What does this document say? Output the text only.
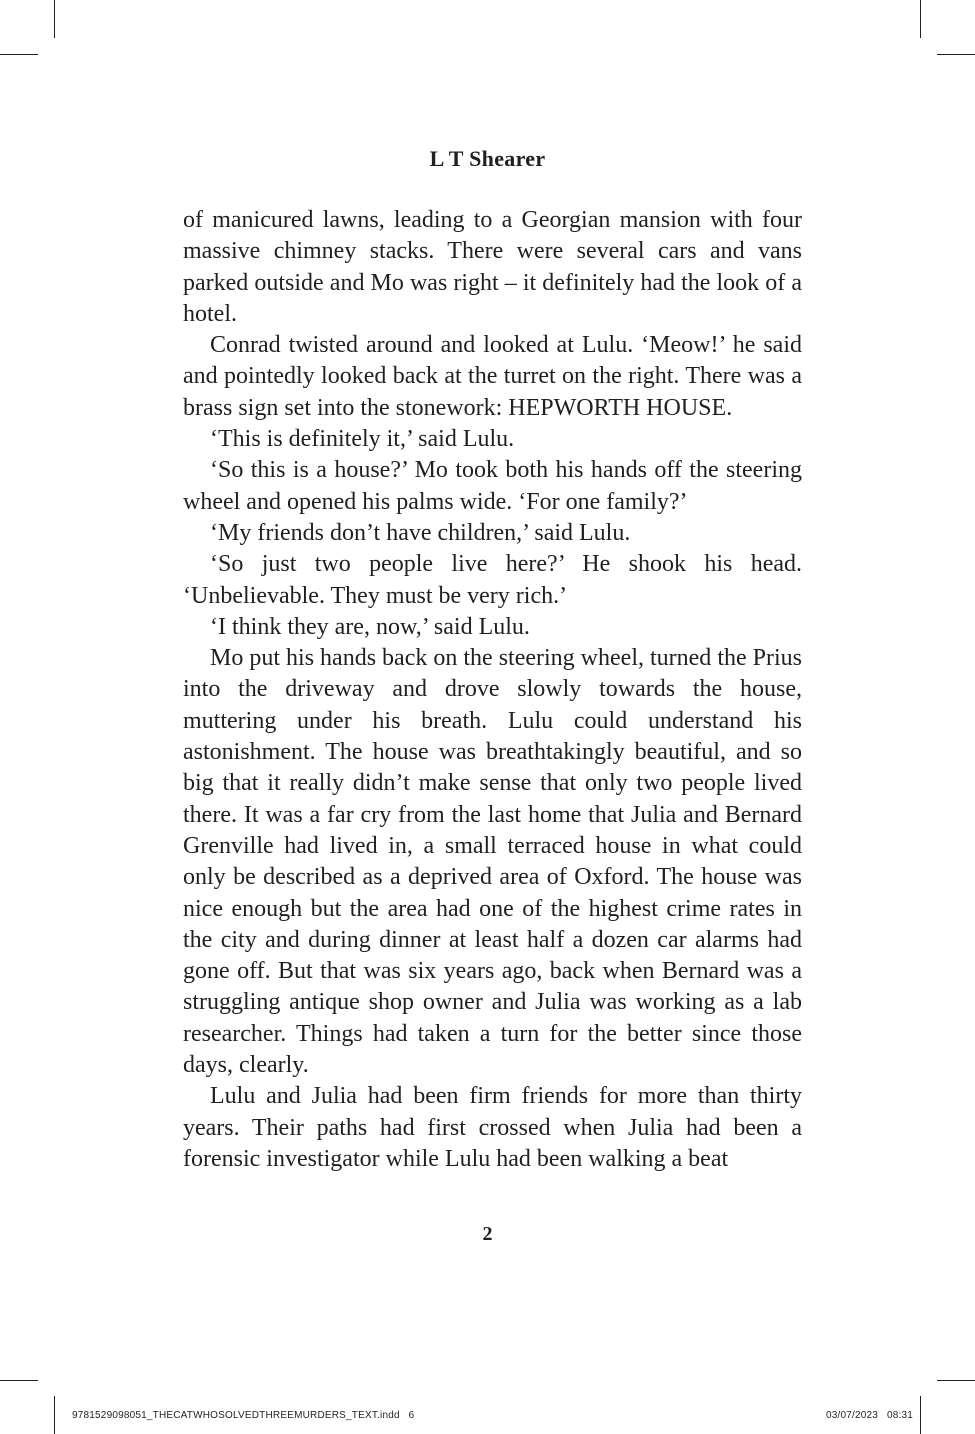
L T Shearer

of manicured lawns, leading to a Georgian mansion with four massive chimney stacks. There were several cars and vans parked outside and Mo was right – it definitely had the look of a hotel.

Conrad twisted around and looked at Lulu. ‘Meow!’ he said and pointedly looked back at the turret on the right. There was a brass sign set into the stonework: HEPWORTH HOUSE.

‘This is definitely it,’ said Lulu.

‘So this is a house?’ Mo took both his hands off the steering wheel and opened his palms wide. ‘For one family?’

‘My friends don’t have children,’ said Lulu.

‘So just two people live here?’ He shook his head. ‘Unbelievable. They must be very rich.’

‘I think they are, now,’ said Lulu.

Mo put his hands back on the steering wheel, turned the Prius into the driveway and drove slowly towards the house, muttering under his breath. Lulu could understand his astonishment. The house was breathtakingly beautiful, and so big that it really didn’t make sense that only two people lived there. It was a far cry from the last home that Julia and Bernard Grenville had lived in, a small terraced house in what could only be described as a deprived area of Oxford. The house was nice enough but the area had one of the highest crime rates in the city and during dinner at least half a dozen car alarms had gone off. But that was six years ago, back when Bernard was a struggling antique shop owner and Julia was working as a lab researcher. Things had taken a turn for the better since those days, clearly.

Lulu and Julia had been firm friends for more than thirty years. Their paths had first crossed when Julia had been a forensic investigator while Lulu had been walking a beat

2
9781529098051_THECATWHOSOLVEDTHREEMURDERS_TEXT.indd   6	03/07/2023   08:31
